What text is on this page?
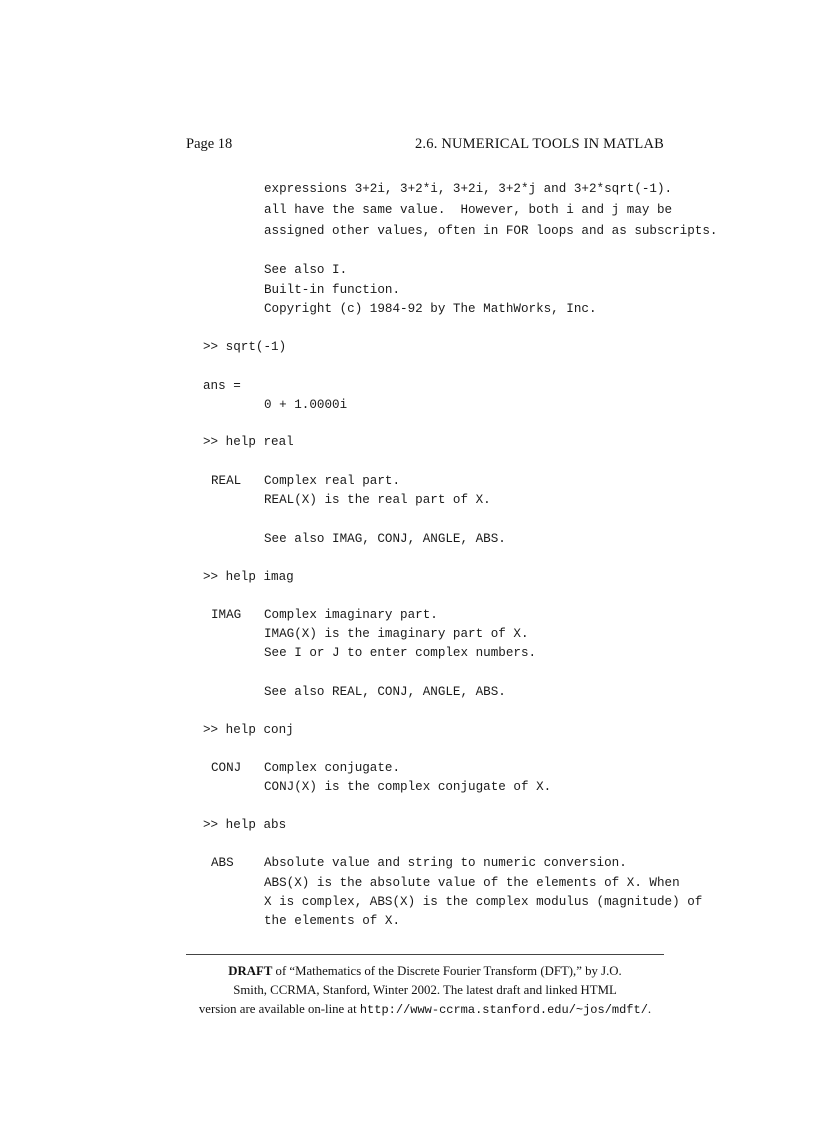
Page 18	2.6. NUMERICAL TOOLS IN MATLAB
expressions 3+2i, 3+2*i, 3+2i, 3+2*j and 3+2*sqrt(-1).
all have the same value.  However, both i and j may be
assigned other values, often in FOR loops and as subscripts.
See also I.
Built-in function.
Copyright (c) 1984-92 by The MathWorks, Inc.
>> sqrt(-1)
ans =
0 + 1.0000i
>> help real
REAL Complex real part.
REAL(X) is the real part of X.
See also IMAG, CONJ, ANGLE, ABS.
>> help imag
IMAG Complex imaginary part.
IMAG(X) is the imaginary part of X.
See I or J to enter complex numbers.
See also REAL, CONJ, ANGLE, ABS.
>> help conj
CONJ Complex conjugate.
CONJ(X) is the complex conjugate of X.
>> help abs
ABS Absolute value and string to numeric conversion.
ABS(X) is the absolute value of the elements of X. When
X is complex, ABS(X) is the complex modulus (magnitude) of
the elements of X.
DRAFT of “Mathematics of the Discrete Fourier Transform (DFT),” by J.O.
Smith, CCRMA, Stanford, Winter 2002. The latest draft and linked HTML
version are available on-line at http://www-ccrma.stanford.edu/~jos/mdft/.
